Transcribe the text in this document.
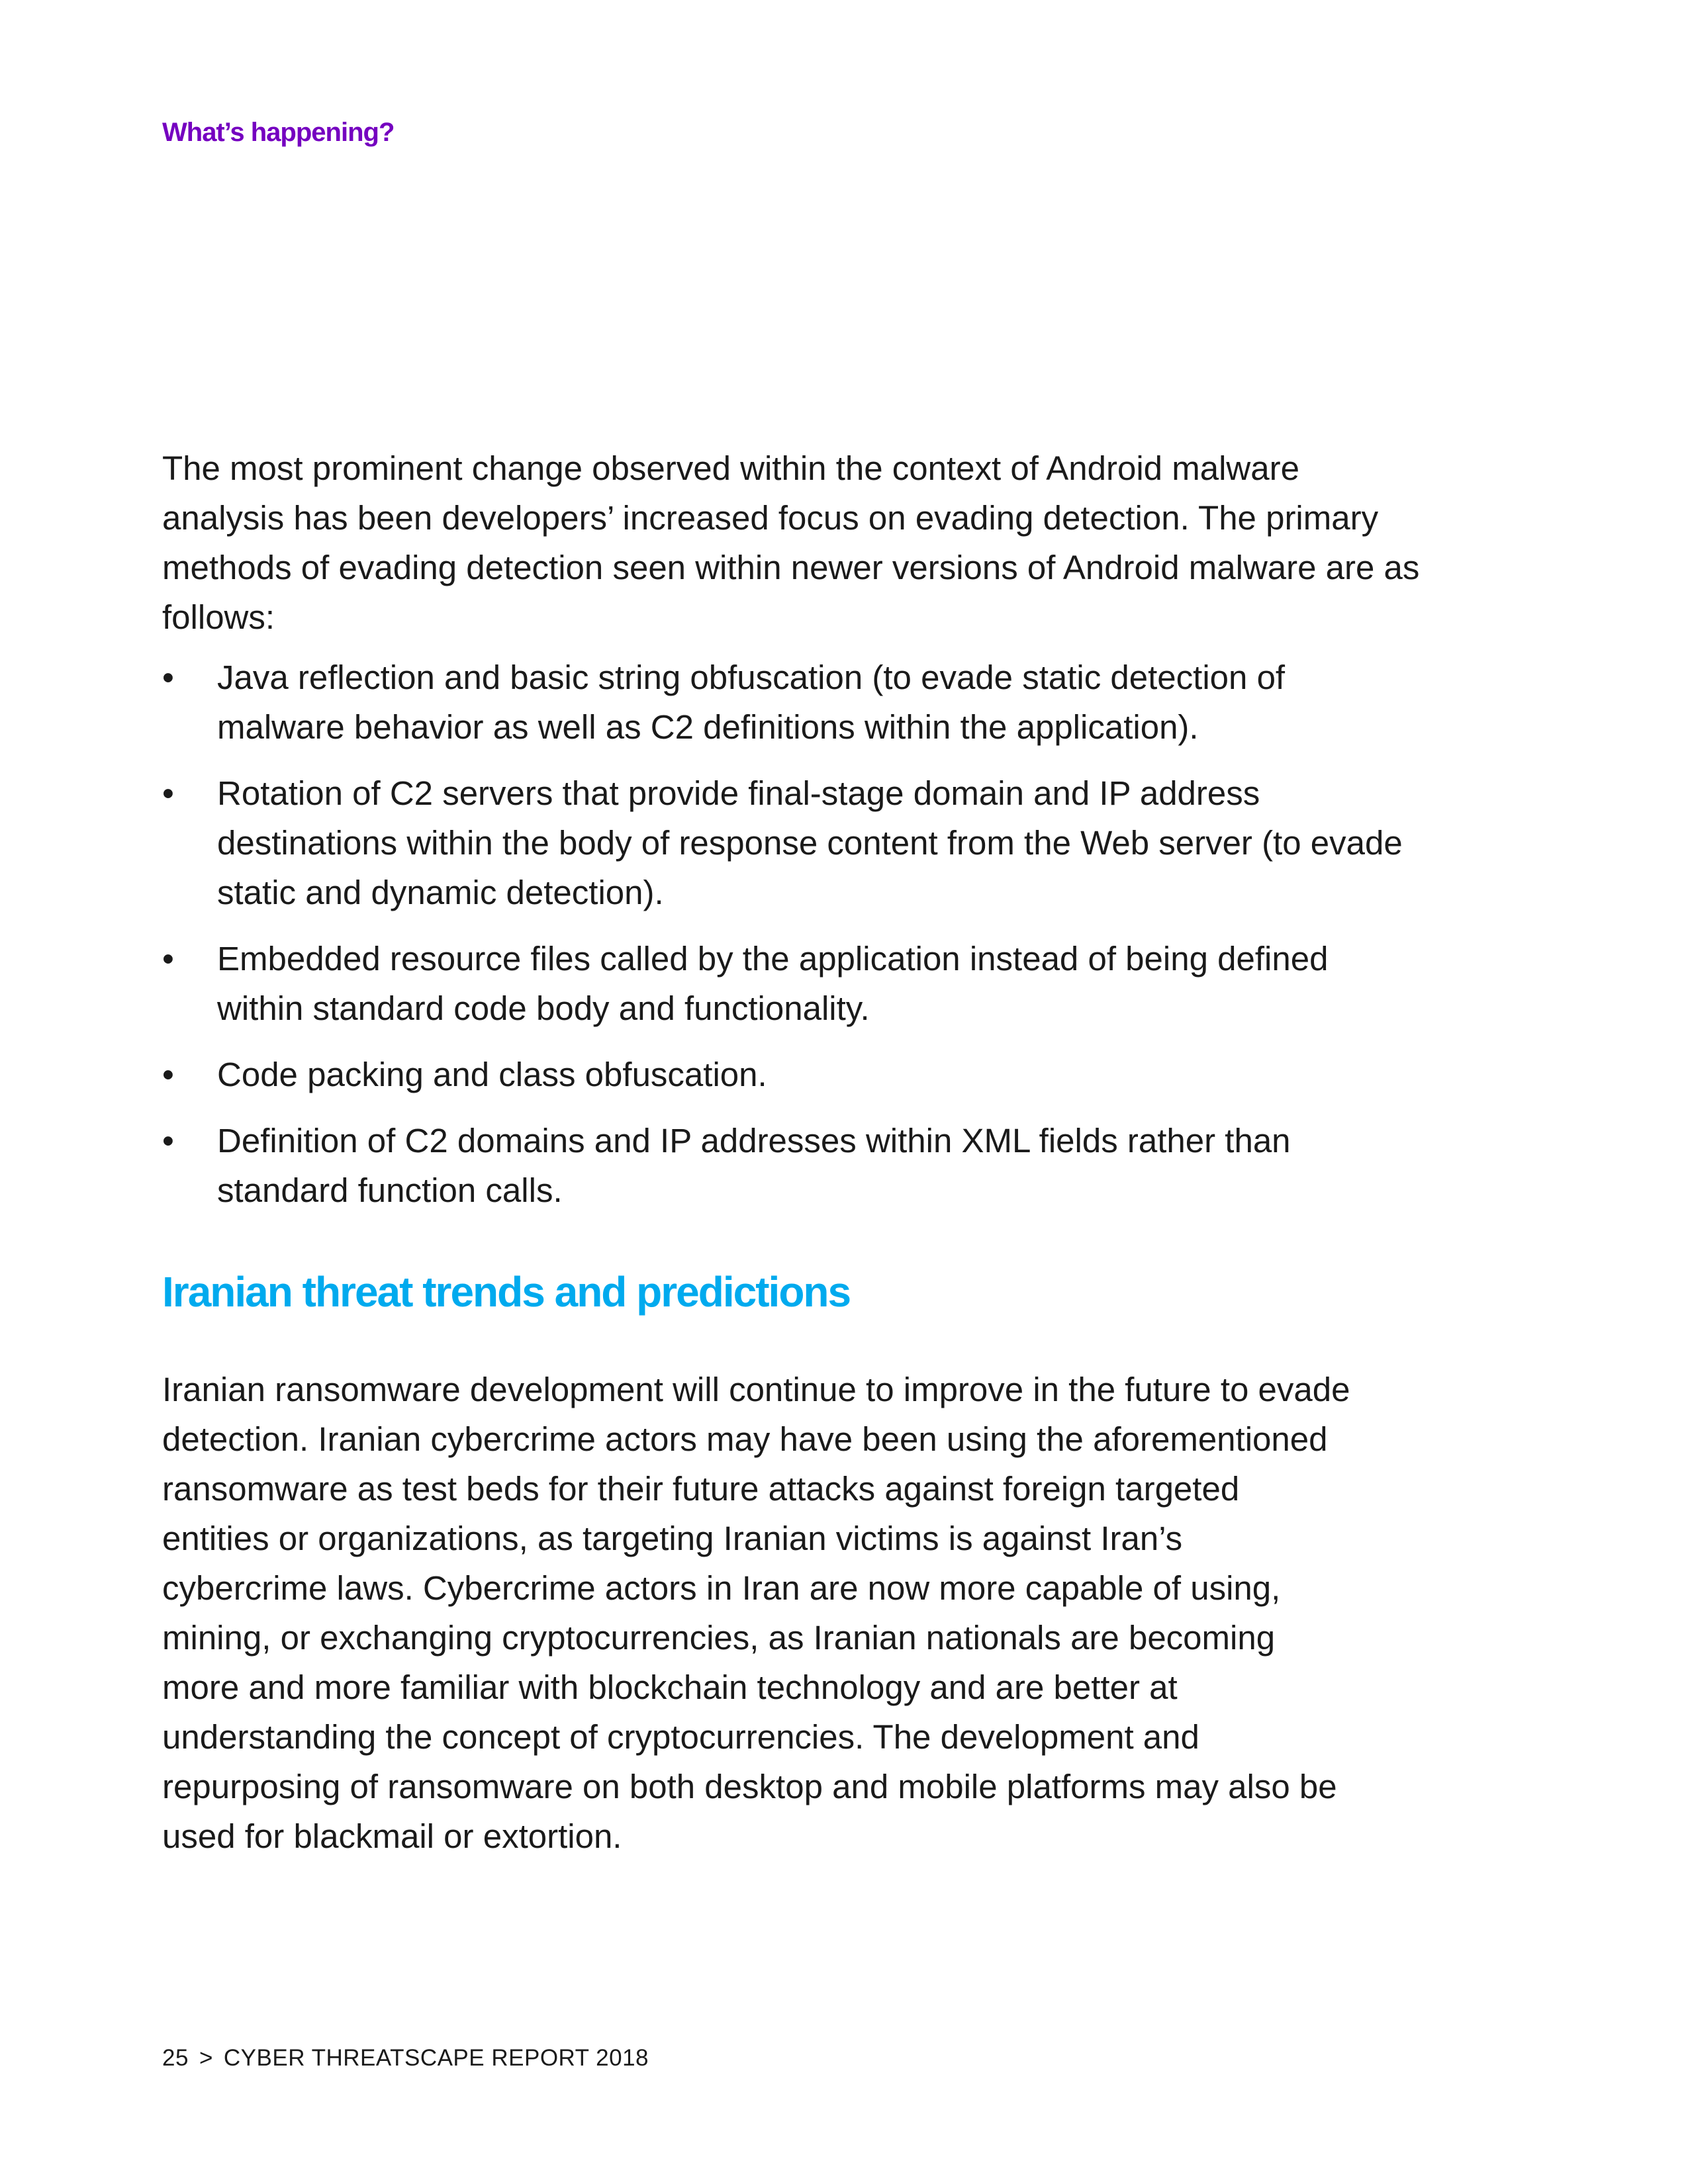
What’s happening?

The most prominent change observed within the context of Android malware analysis has been developers’ increased focus on evading detection. The primary methods of evading detection seen within newer versions of Android malware are as follows:

• Java reflection and basic string obfuscation (to evade static detection of malware behavior as well as C2 definitions within the application).
• Rotation of C2 servers that provide final-stage domain and IP address destinations within the body of response content from the Web server (to evade static and dynamic detection).
• Embedded resource files called by the application instead of being defined within standard code body and functionality.
• Code packing and class obfuscation.
• Definition of C2 domains and IP addresses within XML fields rather than standard function calls.
Iranian threat trends and predictions

Iranian ransomware development will continue to improve in the future to evade detection. Iranian cybercrime actors may have been using the aforementioned ransomware as test beds for their future attacks against foreign targeted entities or organizations, as targeting Iranian victims is against Iran’s cybercrime laws. Cybercrime actors in Iran are now more capable of using, mining, or exchanging cryptocurrencies, as Iranian nationals are becoming more and more familiar with blockchain technology and are better at understanding the concept of cryptocurrencies. The development and repurposing of ransomware on both desktop and mobile platforms may also be used for blackmail or extortion.

25 > CYBER THREATSCAPE REPORT 2018
